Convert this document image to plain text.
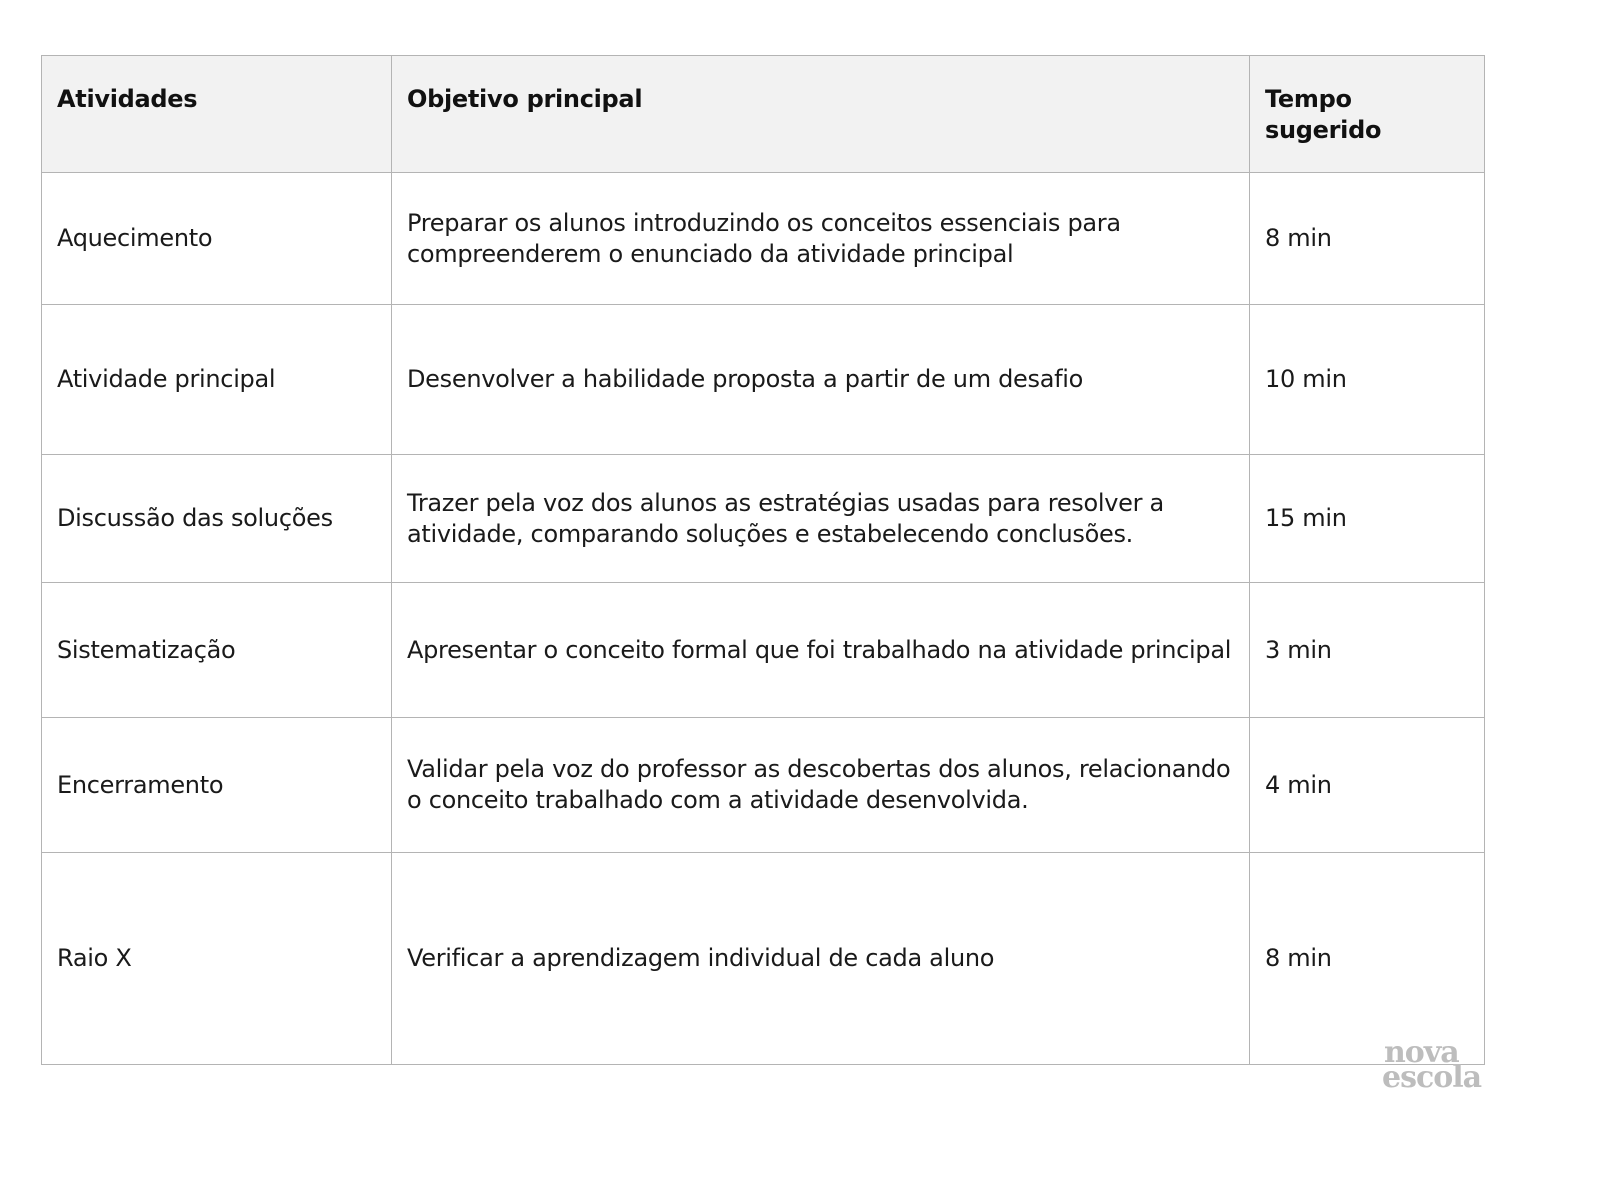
Atividades	Objetivo principal	Tempo sugerido
Aquecimento	Preparar os alunos introduzindo os conceitos essenciais para compreenderem o enunciado da atividade principal	8 min
Atividade principal	Desenvolver a habilidade proposta a partir de um desafio	10 min
Discussão das soluções	Trazer pela voz dos alunos as estratégias usadas para resolver a atividade, comparando soluções e estabelecendo conclusões.	15 min
Sistematização	Apresentar o conceito formal que foi trabalhado na atividade principal	3 min
Encerramento	Validar pela voz do professor as descobertas dos alunos, relacionando o conceito trabalhado com a atividade desenvolvida.	4 min
Raio X	Verificar a aprendizagem individual de cada aluno	8 min
nova
escola
